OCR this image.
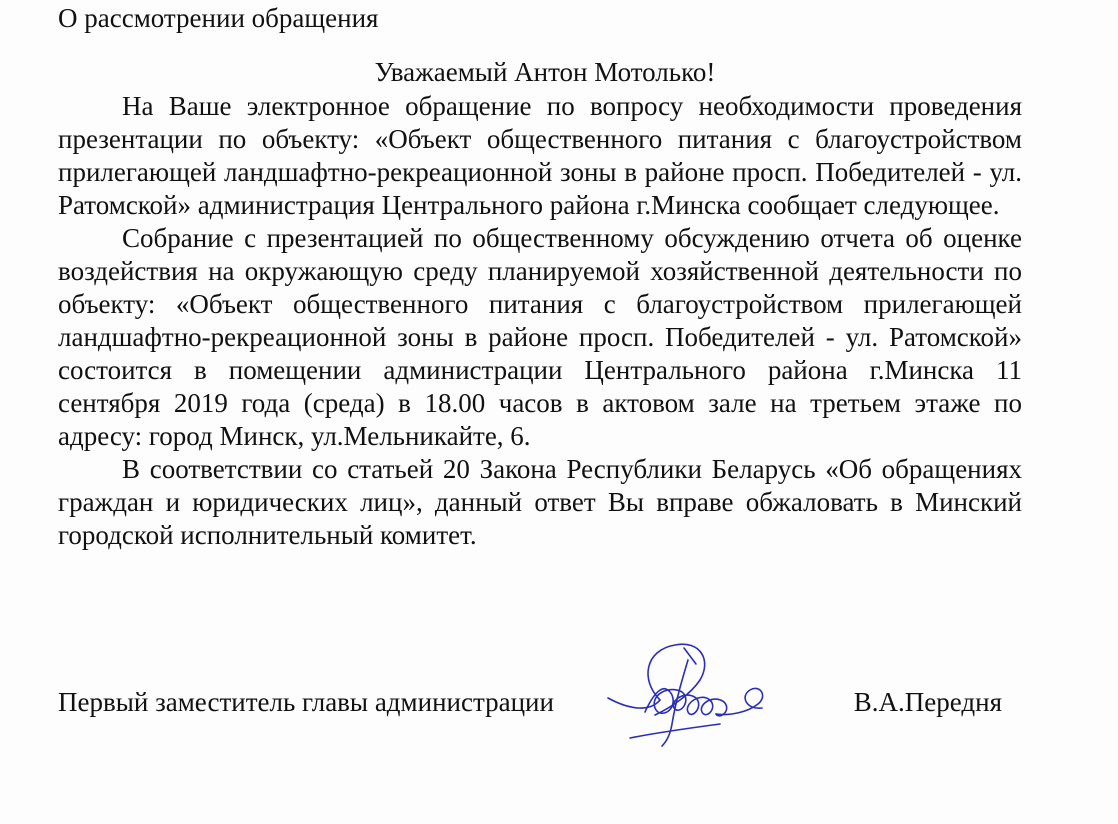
О рассмотрении обращения
Уважаемый Антон Мотолько!

На Ваше электронное обращение по вопросу необходимости проведения презентации по объекту: «Объект общественного питания с благоустройством прилегающей ландшафтно-рекреационной зоны в районе просп. Победителей - ул. Ратомской» администрация Центрального района г.Минска сообщает следующее.

Собрание с презентацией по общественному обсуждению отчета об оценке воздействия на окружающую среду планируемой хозяйственной деятельности по объекту: «Объект общественного питания с благоустройством прилегающей ландшафтно-рекреационной зоны в районе просп. Победителей - ул. Ратомской» состоится в помещении администрации Центрального района г.Минска 11 сентября 2019 года (среда) в 18.00 часов в актовом зале на третьем этаже по адресу: город Минск, ул.Мельникайте, 6.

В соответствии со статьей 20 Закона Республики Беларусь «Об обращениях граждан и юридических лиц», данный ответ Вы вправе обжаловать в Минский городской исполнительный комитет.

Первый заместитель главы администрации	В.А.Передня
